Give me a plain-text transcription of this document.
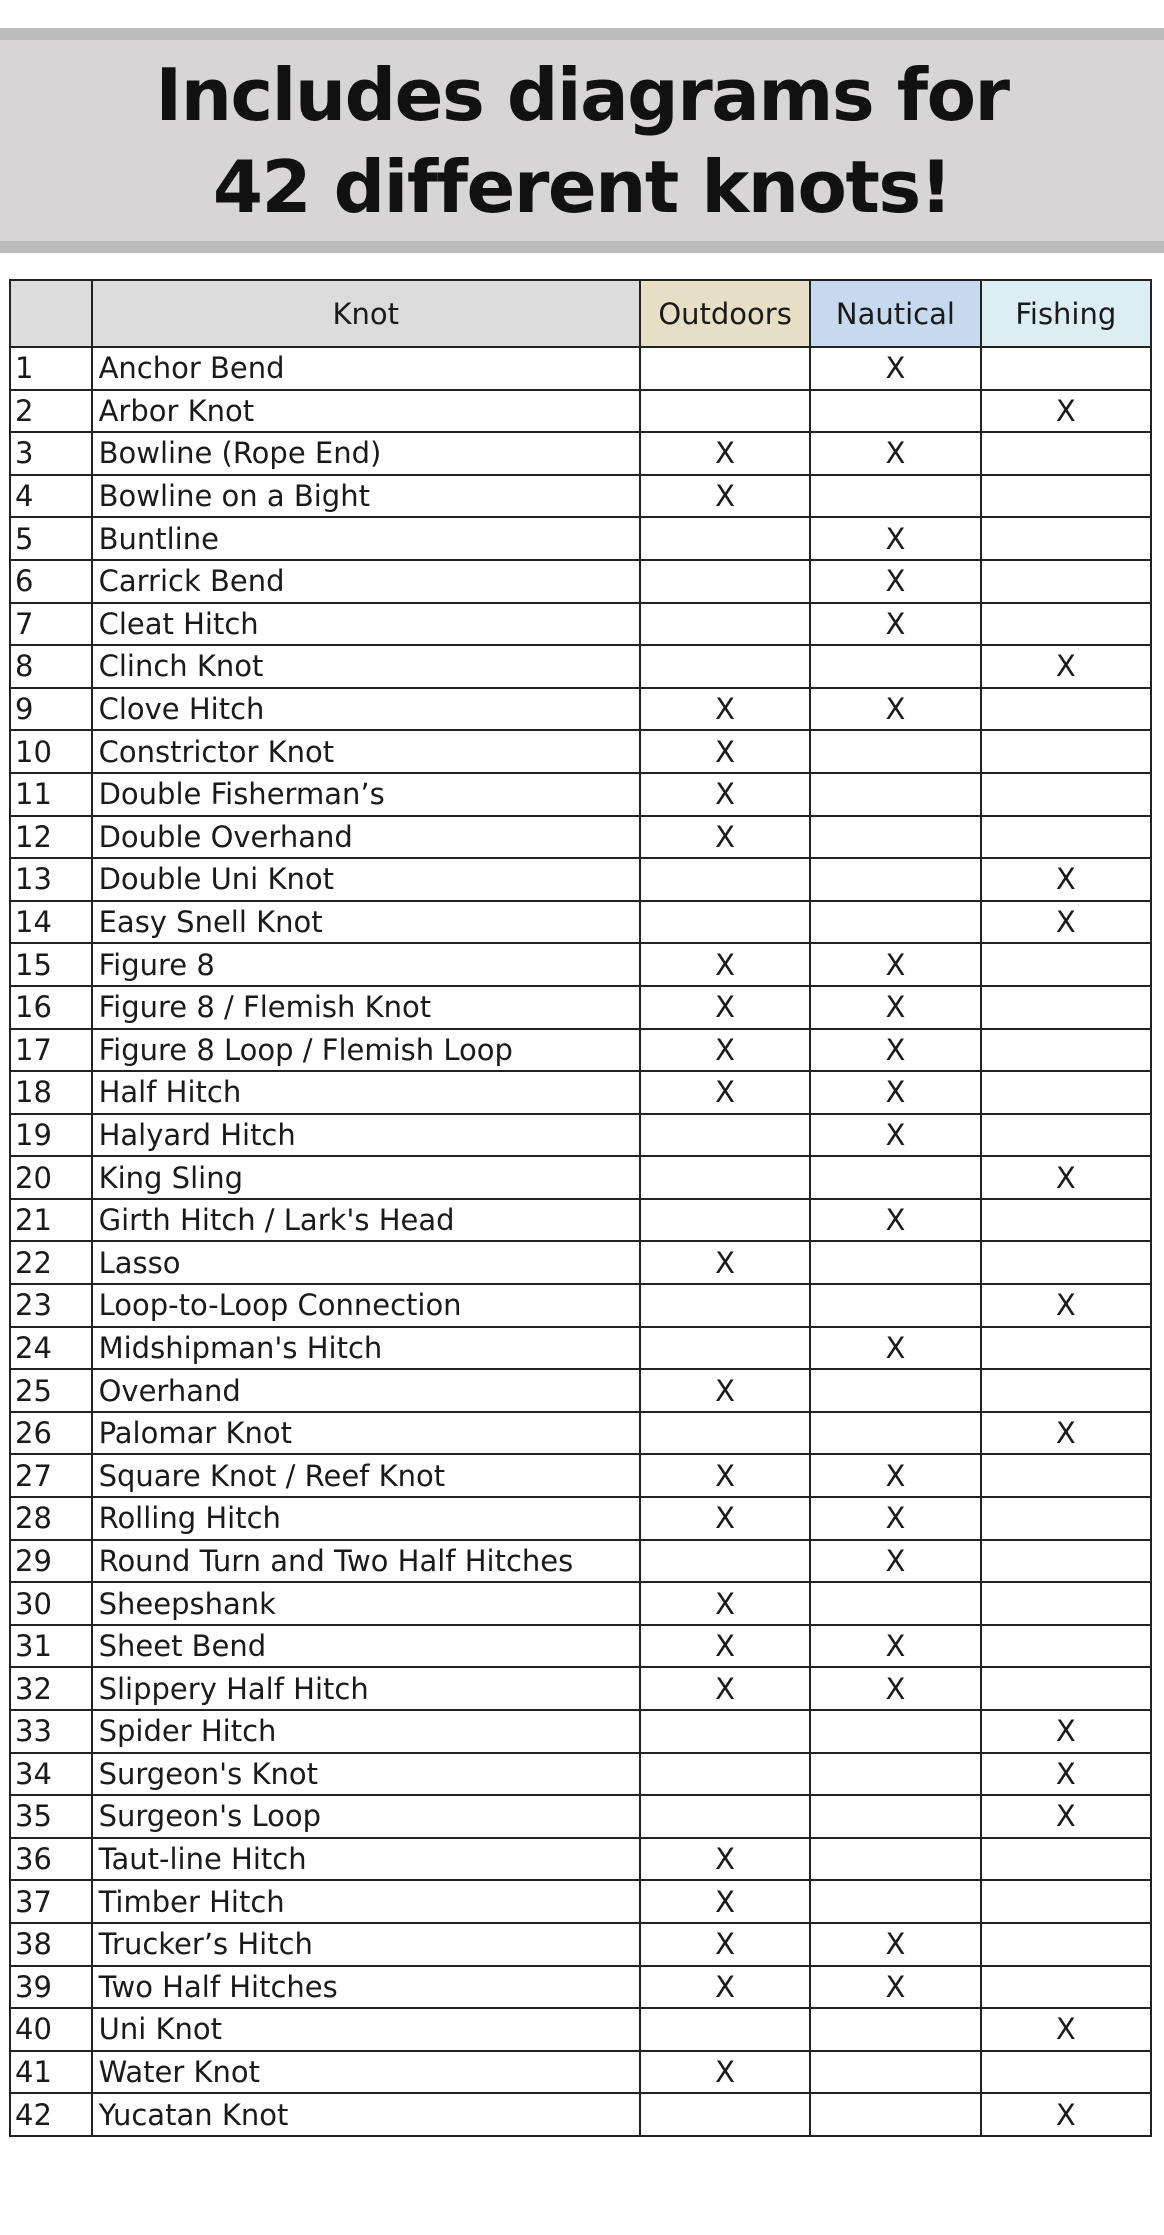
Includes diagrams for
42 different knots!
	Knot	Outdoors	Nautical	Fishing
1	Anchor Bend		X	
2	Arbor Knot			X
3	Bowline (Rope End)	X	X	
4	Bowline on a Bight	X		
5	Buntline		X	
6	Carrick Bend		X	
7	Cleat Hitch		X	
8	Clinch Knot			X
9	Clove Hitch	X	X	
10	Constrictor Knot	X		
11	Double Fisherman’s	X		
12	Double Overhand	X		
13	Double Uni Knot			X
14	Easy Snell Knot			X
15	Figure 8	X	X	
16	Figure 8 / Flemish Knot	X	X	
17	Figure 8 Loop / Flemish Loop	X	X	
18	Half Hitch	X	X	
19	Halyard Hitch		X	
20	King Sling			X
21	Girth Hitch / Lark's Head		X	
22	Lasso	X		
23	Loop-to-Loop Connection			X
24	Midshipman's Hitch		X	
25	Overhand	X		
26	Palomar Knot			X
27	Square Knot / Reef Knot	X	X	
28	Rolling Hitch	X	X	
29	Round Turn and Two Half Hitches		X	
30	Sheepshank	X		
31	Sheet Bend	X	X	
32	Slippery Half Hitch	X	X	
33	Spider Hitch			X
34	Surgeon's Knot			X
35	Surgeon's Loop			X
36	Taut-line Hitch	X		
37	Timber Hitch	X		
38	Trucker’s Hitch	X	X	
39	Two Half Hitches	X	X	
40	Uni Knot			X
41	Water Knot	X		
42	Yucatan Knot			X
